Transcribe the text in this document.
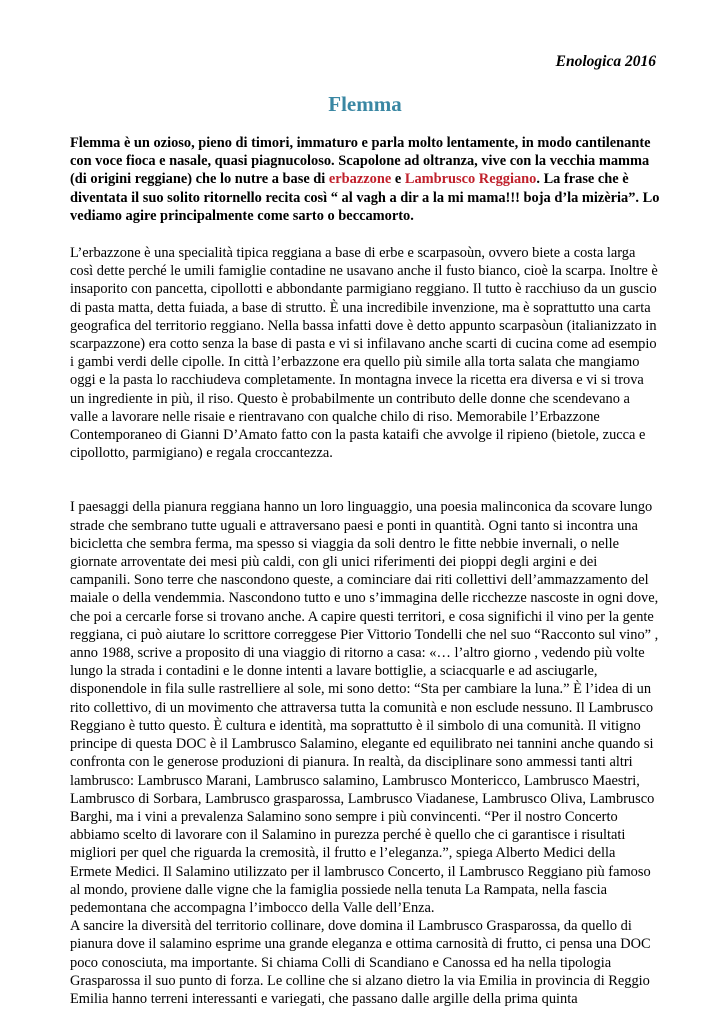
Enologica 2016

Flemma

Flemma è un ozioso, pieno di timori, immaturo e parla molto lentamente, in modo cantilenante con voce fioca e nasale, quasi piagnucoloso. Scapolone ad oltranza, vive con la vecchia mamma (di origini reggiane) che lo nutre a base di erbazzone e Lambrusco Reggiano. La frase che è diventata il suo solito ritornello recita così “ al vagh a dir a la mi mama!!! boja d’la mizèria”. Lo vediamo agire principalmente come sarto o beccamorto.

L’erbazzone è una specialità tipica reggiana a base di erbe e scarpasoùn, ovvero biete a costa larga così dette perché le umili famiglie contadine ne usavano anche il fusto bianco, cioè la scarpa. Inoltre è insaporito con pancetta, cipollotti e abbondante parmigiano reggiano. Il tutto è racchiuso da un guscio di pasta matta, detta fuiada, a base di strutto. È una incredibile invenzione, ma è soprattutto una carta geografica del territorio reggiano. Nella bassa infatti dove è detto appunto scarpasòun (italianizzato in scarpazzone) era cotto senza la base di pasta e vi si infilavano anche scarti di cucina come ad esempio i gambi verdi delle cipolle. In città l’erbazzone era quello più simile alla torta salata che mangiamo oggi e la pasta lo racchiudeva completamente. In montagna invece la ricetta era diversa e vi si trova un ingrediente in più, il riso. Questo è probabilmente un contributo delle donne che scendevano a valle a lavorare nelle risaie e rientravano con qualche chilo di riso. Memorabile l’Erbazzone Contemporaneo di Gianni D’Amato fatto con la pasta kataifi che avvolge il ripieno (bietole, zucca e cipollotto, parmigiano) e regala croccantezza.

I paesaggi della pianura reggiana hanno un loro linguaggio, una poesia malinconica da scovare lungo strade che sembrano tutte uguali e attraversano paesi e ponti in quantità. Ogni tanto si incontra una bicicletta che sembra ferma, ma spesso si viaggia da soli dentro le fitte nebbie invernali, o nelle giornate arroventate dei mesi più caldi, con gli unici riferimenti dei pioppi degli argini e dei campanili. Sono terre che nascondono queste, a cominciare dai riti collettivi dell’ammazzamento del maiale o della vendemmia. Nascondono tutto e uno s’immagina delle ricchezze nascoste in ogni dove, che poi a cercarle forse si trovano anche. A capire questi territori, e cosa significhi il vino per la gente reggiana, ci può aiutare lo scrittore correggese Pier Vittorio Tondelli che nel suo “Racconto sul vino” , anno 1988, scrive a proposito di una viaggio di ritorno a casa: «… l’altro giorno , vedendo più volte lungo la strada i contadini e le donne intenti a lavare bottiglie, a sciacquarle e ad asciugarle, disponendole in fila sulle rastrelliere al sole, mi sono detto: “Sta per cambiare la luna.” È l’idea di un rito collettivo, di un movimento che attraversa tutta la comunità e non esclude nessuno. Il Lambrusco Reggiano è tutto questo. È cultura e identità, ma soprattutto è il simbolo di una comunità. Il vitigno principe di questa DOC è il Lambrusco Salamino, elegante ed equilibrato nei tannini anche quando si confronta con le generose produzioni di pianura. In realtà, da disciplinare sono ammessi tanti altri lambrusco: Lambrusco Marani, Lambrusco salamino, Lambrusco Montericco, Lambrusco Maestri, Lambrusco di Sorbara, Lambrusco grasparossa, Lambrusco Viadanese, Lambrusco Oliva, Lambrusco Barghi, ma i vini a prevalenza Salamino sono sempre i più convincenti. “Per il nostro Concerto abbiamo scelto di lavorare con il Salamino in purezza perché è quello che ci garantisce i risultati migliori per quel che riguarda la cremosità, il frutto e l’eleganza.”, spiega Alberto Medici della Ermete Medici. Il Salamino utilizzato per il lambrusco Concerto, il Lambrusco Reggiano più famoso al mondo, proviene dalle vigne che la famiglia possiede nella tenuta La Rampata, nella fascia pedemontana che accompagna l’imbocco della Valle dell’Enza.

A sancire la diversità del territorio collinare, dove domina il Lambrusco Grasparossa, da quello di pianura dove il salamino esprime una grande eleganza e ottima carnosità di frutto, ci pensa una DOC poco conosciuta, ma importante. Si chiama Colli di Scandiano e Canossa ed ha nella tipologia Grasparossa il suo punto di forza. Le colline che si alzano dietro la via Emilia in provincia di Reggio Emilia hanno terreni interessanti e variegati, che passano dalle argille della prima quinta
